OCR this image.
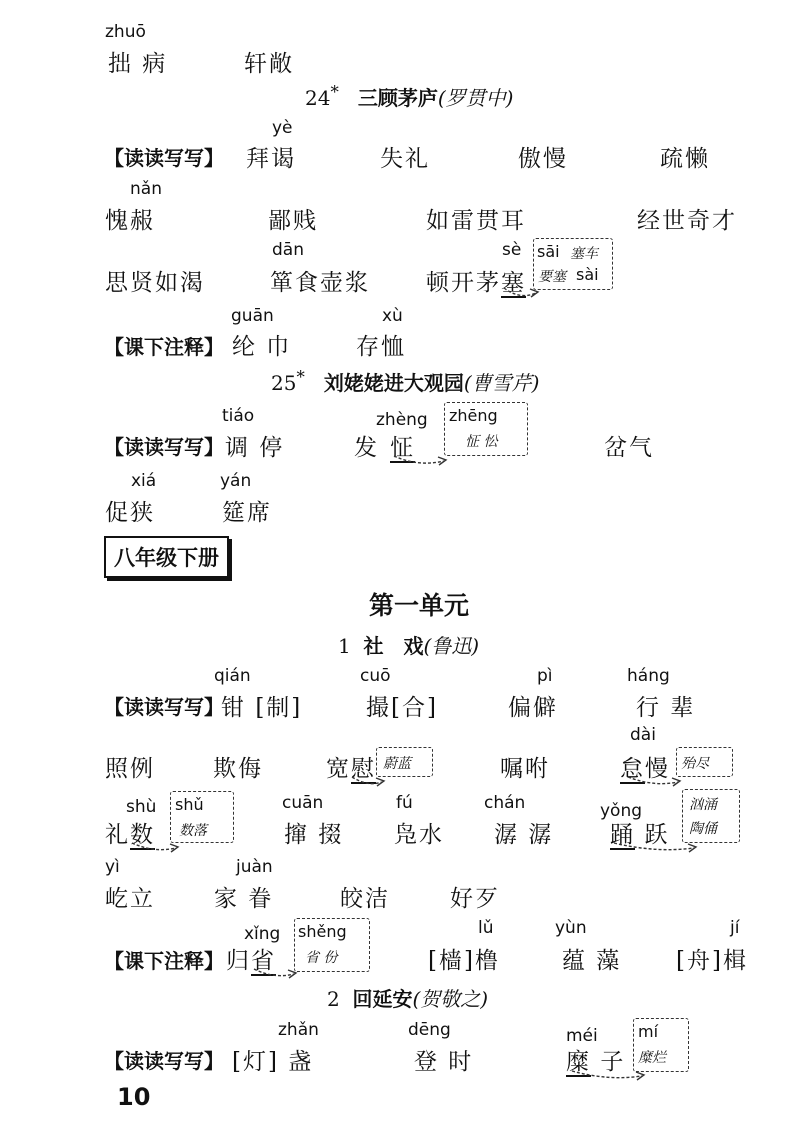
zhuō
拙 病	轩敞
24* 三顾茅庐(罗贯中)
yè
【读读写写】 拜谒	失礼	傲慢	疏懒
nǎn
愧赧	鄙贱	如雷贯耳	经世奇才
dān	sè
思贤如渴	箪食壶浆 顿开茅塞
sāi 塞车
要塞 sài
guān	xù
【课下注释】 纶 巾	存恤
25* 刘姥姥进大观园(曹雪芹)
tiáo	zhèng
【读读写写】 调 停	发 怔
zhēng
怔 忪	岔气
xiá	yán
促狭	筵席
八年级下册
第一单元
1 社　戏(鲁迅)
qián	cuō	pì	háng
【读读写写】
钳 [制]	撮[合]	偏僻	行 辈
dài
照例	欺侮	宽慰 蔚蓝	嘱咐	怠慢 殆尽
shù	cuān	fú	chán	yǒng
礼数
shǔ
数落	撺 掇 凫水 潺 潺 踊 跃
汹涌
陶俑
yì	juàn
屹立	家 眷	皎洁	好歹
xǐng	lǔ	yùn	jí
【课下注释】 归省
shěng
省 份	[樯]橹	蕴 藻 [舟]楫
2 回延安(贺敬之)
zhǎn	dēng	méi
【读读写写】 [灯] 盏	登 时	糜 子
mí
糜烂
10
